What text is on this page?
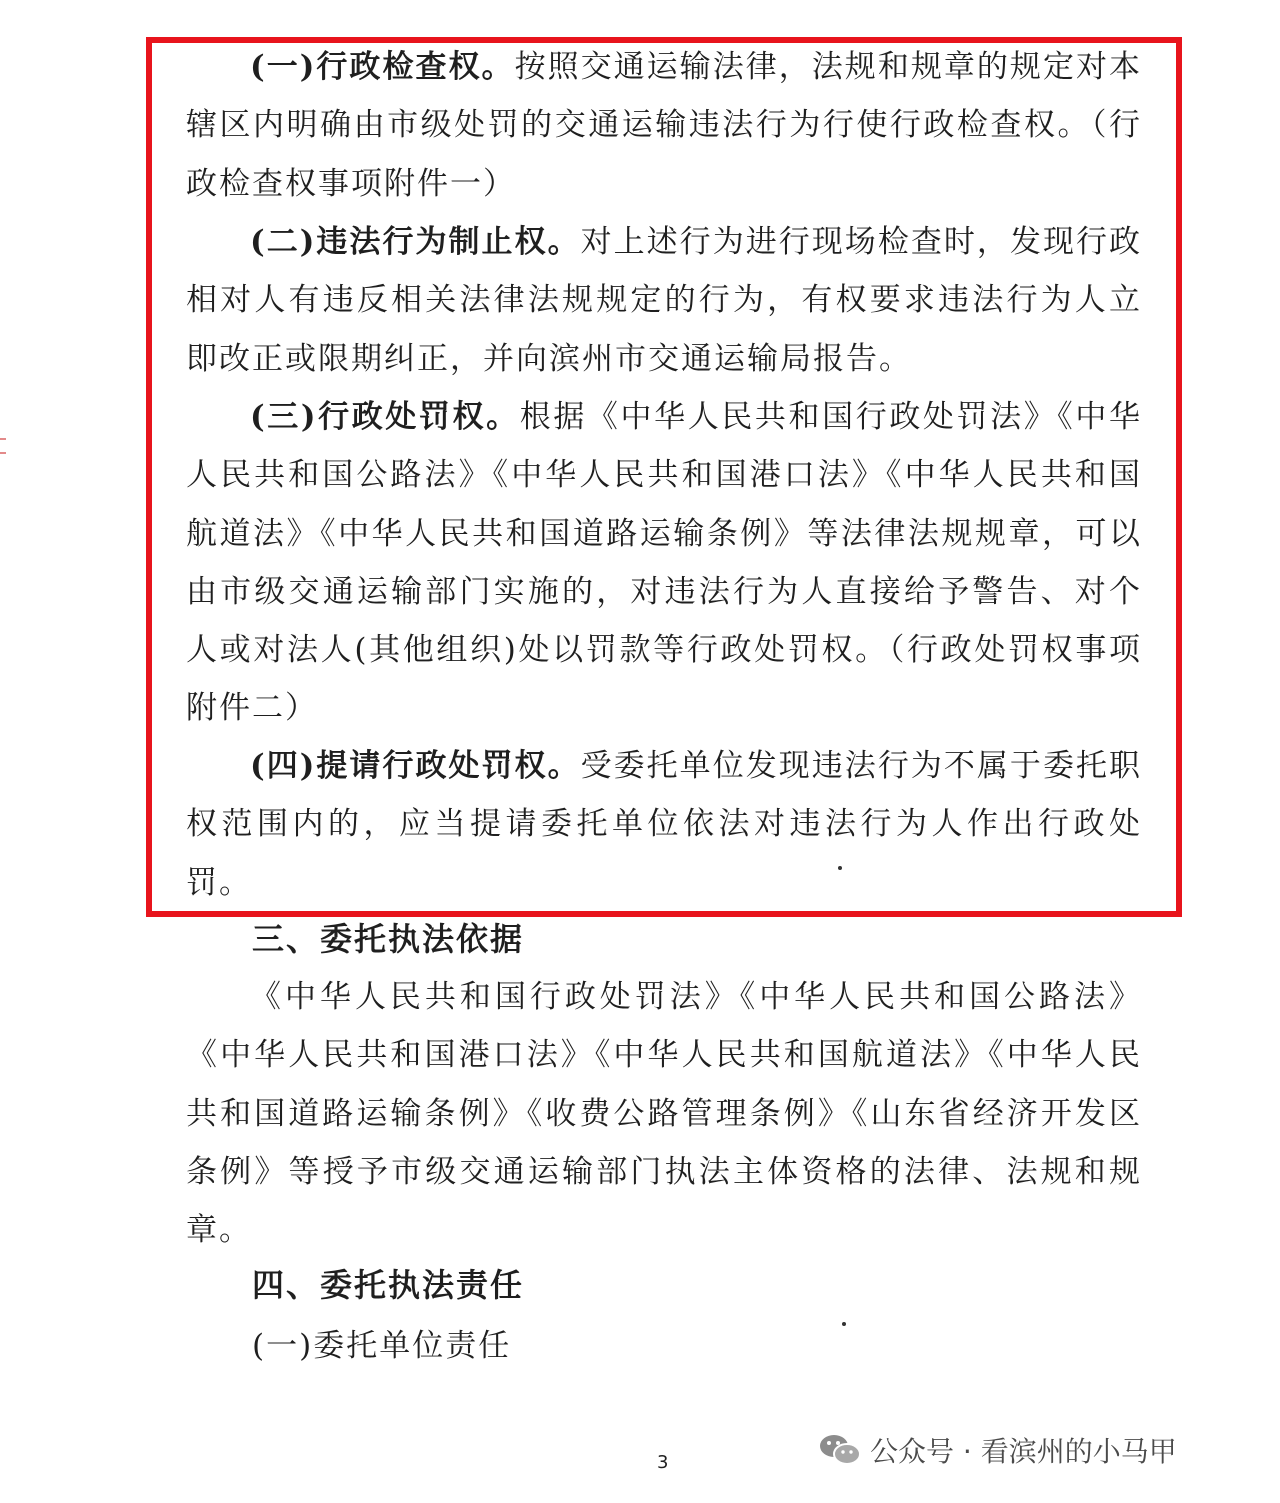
(一)行政检查权。按照交通运输法律，法规和规章的规定对本辖区内明确由市级处罚的交通运输违法行为行使行政检查权。（行政检查权事项附件一）

(二)违法行为制止权。对上述行为进行现场检查时，发现行政相对人有违反相关法律法规规定的行为，有权要求违法行为人立即改正或限期纠正，并向滨州市交通运输局报告。

(三)行政处罚权。根据《中华人民共和国行政处罚法》《中华人民共和国公路法》《中华人民共和国港口法》《中华人民共和国航道法》《中华人民共和国道路运输条例》等法律法规规章，可以由市级交通运输部门实施的，对违法行为人直接给予警告、对个人或对法人(其他组织)处以罚款等行政处罚权。（行政处罚权事项附件二）

(四)提请行政处罚权。受委托单位发现违法行为不属于委托职权范围内的，应当提请委托单位依法对违法行为人作出行政处罚。

三、委托执法依据

《中华人民共和国行政处罚法》《中华人民共和国公路法》《中华人民共和国港口法》《中华人民共和国航道法》《中华人民共和国道路运输条例》《收费公路管理条例》《山东省经济开发区条例》等授予市级交通运输部门执法主体资格的法律、法规和规章。

四、委托执法责任
(一)委托单位责任
3	公众号 · 看滨州的小马甲
